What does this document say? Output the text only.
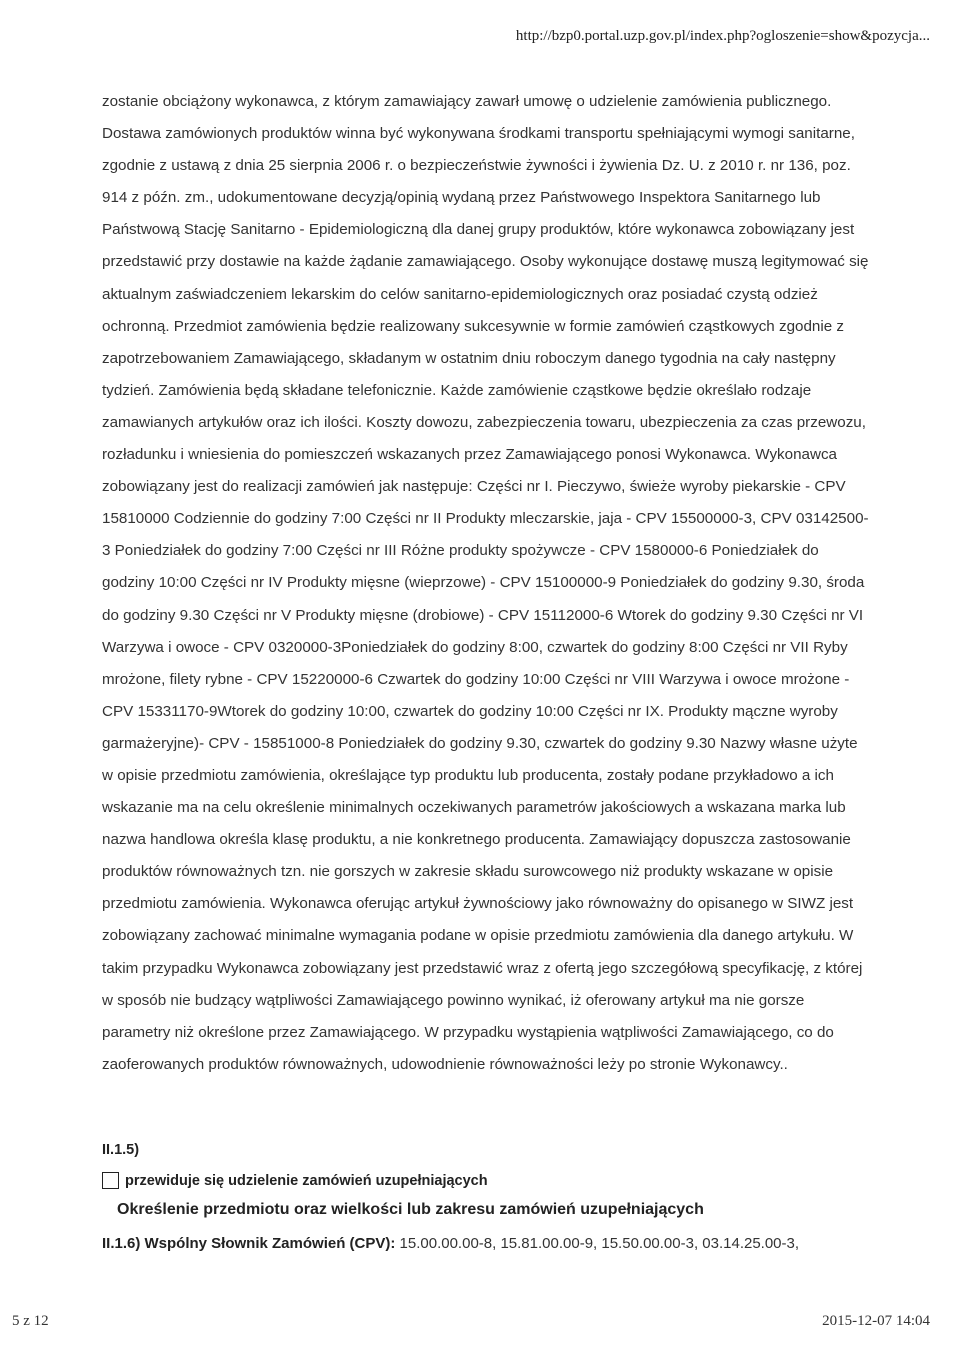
http://bzp0.portal.uzp.gov.pl/index.php?ogloszenie=show&pozycja...

zostanie obciążony wykonawca, z którym zamawiający zawarł umowę o udzielenie zamówienia publicznego. Dostawa zamówionych produktów winna być wykonywana środkami transportu spełniającymi wymogi sanitarne, zgodnie z ustawą z dnia 25 sierpnia 2006 r. o bezpieczeństwie żywności i żywienia Dz. U. z 2010 r. nr 136, poz. 914 z późn. zm., udokumentowane decyzją/opinią wydaną przez Państwowego Inspektora Sanitarnego lub Państwową Stację Sanitarno - Epidemiologiczną dla danej grupy produktów, które wykonawca zobowiązany jest przedstawić przy dostawie na każde żądanie zamawiającego. Osoby wykonujące dostawę muszą legitymować się aktualnym zaświadczeniem lekarskim do celów sanitarno-epidemiologicznych oraz posiadać czystą odzież ochronną. Przedmiot zamówienia będzie realizowany sukcesywnie w formie zamówień cząstkowych zgodnie z zapotrzebowaniem Zamawiającego, składanym w ostatnim dniu roboczym danego tygodnia na cały następny tydzień. Zamówienia będą składane telefonicznie. Każde zamówienie cząstkowe będzie określało rodzaje zamawianych artykułów oraz ich ilości. Koszty dowozu, zabezpieczenia towaru, ubezpieczenia za czas przewozu, rozładunku i wniesienia do pomieszczeń wskazanych przez Zamawiającego ponosi Wykonawca. Wykonawca zobowiązany jest do realizacji zamówień jak następuje: Części nr I. Pieczywo, świeże wyroby piekarskie - CPV 15810000 Codziennie do godziny 7:00 Części nr II Produkty mleczarskie, jaja - CPV 15500000-3, CPV 03142500-3 Poniedziałek do godziny 7:00 Części nr III Różne produkty spożywcze - CPV 1580000-6 Poniedziałek do godziny 10:00 Części nr IV Produkty mięsne (wieprzowe) - CPV 15100000-9 Poniedziałek do godziny 9.30, środa do godziny 9.30 Części nr V Produkty mięsne (drobiowe) - CPV 15112000-6 Wtorek do godziny 9.30 Części nr VI Warzywa i owoce - CPV 0320000-3Poniedziałek do godziny 8:00, czwartek do godziny 8:00 Części nr VII Ryby mrożone, filety rybne - CPV 15220000-6 Czwartek do godziny 10:00 Części nr VIII Warzywa i owoce mrożone - CPV 15331170-9Wtorek do godziny 10:00, czwartek do godziny 10:00 Części nr IX. Produkty mączne wyroby garmażeryjne)- CPV - 15851000-8 Poniedziałek do godziny 9.30, czwartek do godziny 9.30 Nazwy własne użyte w opisie przedmiotu zamówienia, określające typ produktu lub producenta, zostały podane przykładowo a ich wskazanie ma na celu określenie minimalnych oczekiwanych parametrów jakościowych a wskazana marka lub nazwa handlowa określa klasę produktu, a nie konkretnego producenta. Zamawiający dopuszcza zastosowanie produktów równoważnych tzn. nie gorszych w zakresie składu surowcowego niż produkty wskazane w opisie przedmiotu zamówienia. Wykonawca oferując artykuł żywnościowy jako równoważny do opisanego w SIWZ jest zobowiązany zachować minimalne wymagania podane w opisie przedmiotu zamówienia dla danego artykułu. W takim przypadku Wykonawca zobowiązany jest przedstawić wraz z ofertą jego szczegółową specyfikację, z której w sposób nie budzący wątpliwości Zamawiającego powinno wynikać, iż oferowany artykuł ma nie gorsze parametry niż określone przez Zamawiającego. W przypadku wystąpienia wątpliwości Zamawiającego, co do zaoferowanych produktów równoważnych, udowodnienie równoważności leży po stronie Wykonawcy..

II.1.5)
przewiduje się udzielenie zamówień uzupełniających
Określenie przedmiotu oraz wielkości lub zakresu zamówień uzupełniających
II.1.6) Wspólny Słownik Zamówień (CPV): 15.00.00.00-8, 15.81.00.00-9, 15.50.00.00-3, 03.14.25.00-3,
5 z 12	2015-12-07 14:04
